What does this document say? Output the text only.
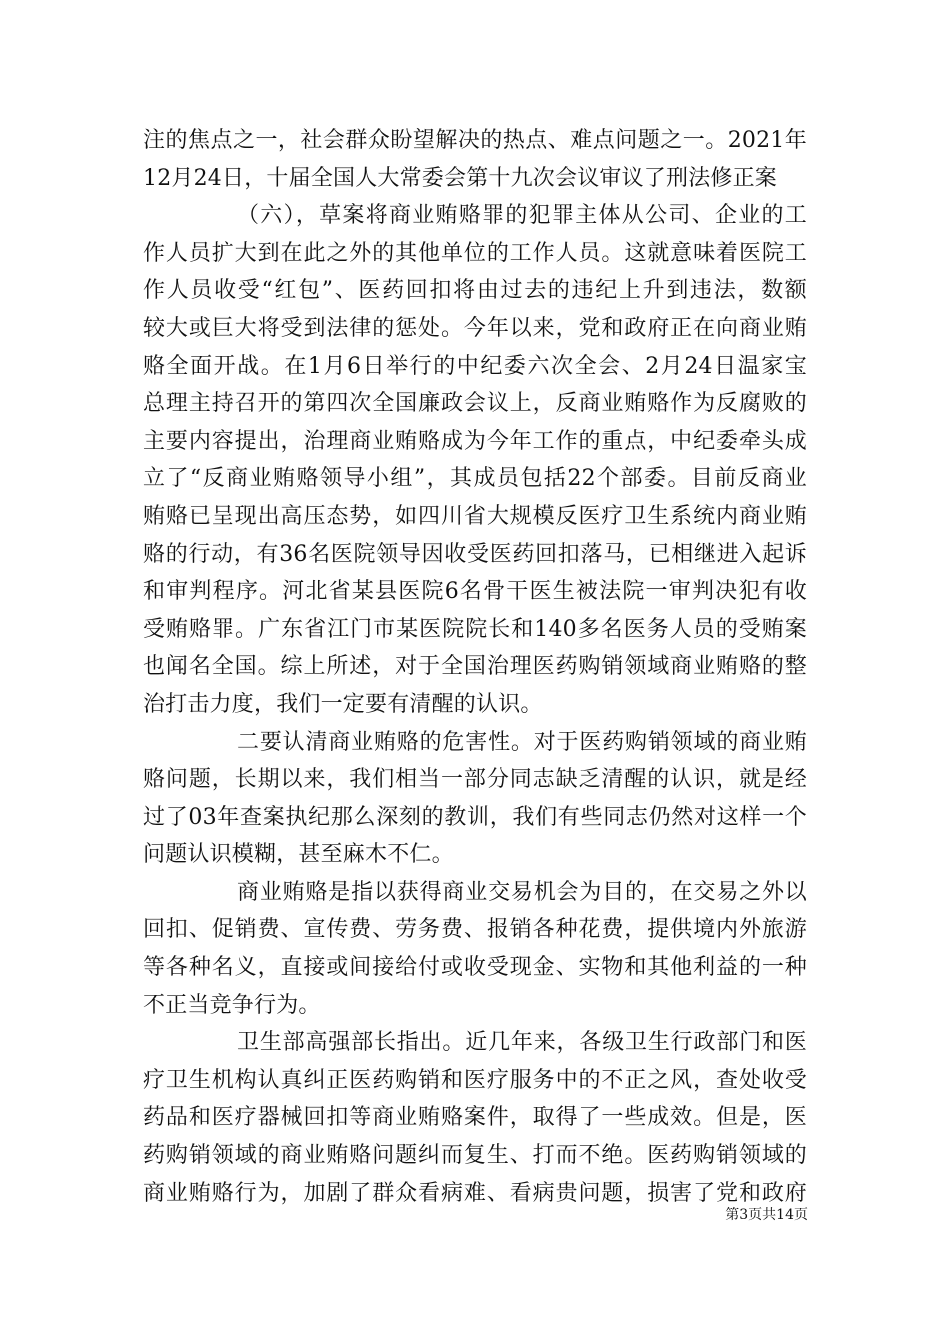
注的焦点之一，社会群众盼望解决的热点、难点问题之一。2021年
12月24日，十届全国人大常委会第十九次会议审议了刑法修正案
（六），草案将商业贿赂罪的犯罪主体从公司、企业的工
作人员扩大到在此之外的其他单位的工作人员。这就意味着医院工
作人员收受“红包”、医药回扣将由过去的违纪上升到违法，数额
较大或巨大将受到法律的惩处。今年以来，党和政府正在向商业贿
赂全面开战。在1月6日举行的中纪委六次全会、2月24日温家宝
总理主持召开的第四次全国廉政会议上，反商业贿赂作为反腐败的
主要内容提出，治理商业贿赂成为今年工作的重点，中纪委牵头成
立了“反商业贿赂领导小组”，其成员包括22个部委。目前反商业
贿赂已呈现出高压态势，如四川省大规模反医疗卫生系统内商业贿
赂的行动，有36名医院领导因收受医药回扣落马，已相继进入起诉
和审判程序。河北省某县医院6名骨干医生被法院一审判决犯有收
受贿赂罪。广东省江门市某医院院长和140多名医务人员的受贿案
也闻名全国。综上所述，对于全国治理医药购销领域商业贿赂的整
治打击力度，我们一定要有清醒的认识。
二要认清商业贿赂的危害性。对于医药购销领域的商业贿
赂问题，长期以来，我们相当一部分同志缺乏清醒的认识，就是经
过了03年查案执纪那么深刻的教训，我们有些同志仍然对这样一个
问题认识模糊，甚至麻木不仁。
商业贿赂是指以获得商业交易机会为目的，在交易之外以
回扣、促销费、宣传费、劳务费、报销各种花费，提供境内外旅游
等各种名义，直接或间接给付或收受现金、实物和其他利益的一种
不正当竞争行为。
卫生部高强部长指出。近几年来，各级卫生行政部门和医
疗卫生机构认真纠正医药购销和医疗服务中的不正之风，查处收受
药品和医疗器械回扣等商业贿赂案件，取得了一些成效。但是，医
药购销领域的商业贿赂问题纠而复生、打而不绝。医药购销领域的
商业贿赂行为，加剧了群众看病难、看病贵问题，损害了党和政府
第3页共14页
